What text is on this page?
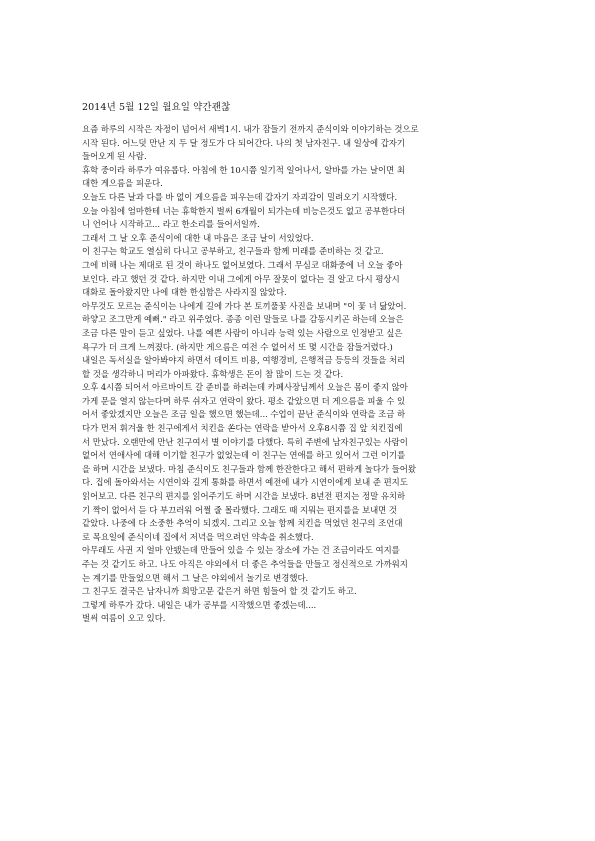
2014년 5월 12일 월요일 약간괜찮
요즘 하루의 시작은 자정이 넘어서 새벽1시. 내가 잠들기 전까지 준식이와 이야기하는 것으로
시작 된다. 어느덧 만난 지 두 달 정도가 다 되어간다. 나의 첫 남자친구. 내 일상에 갑자기
들어오게 된 사람.
휴학 중이라 하루가 여유롭다. 아침에 한 10시쯤 일기적 일어나서, 알바를 가는 날이면 최
대한 게으름을 피운다.
오늘도 다른 날과 다를 바 없이 게으름을 피우는데 갑자기 자괴감이 밀려오기 시작했다.
오늘 아침에 엄마한테 너는 휴학한지 벌써 6개월이 되가는데 비능은것도 없고 공부한다더
니 언어나 시작하고... 라고 한소리를 들어서일까.
그래서 그 날 오후 준식이에 대한 내 마음은 조금 날이 서있었다.
이 친구는 학교도 열심히 다니고 공부하고, 친구들과 함께 미래를 준비하는 것 같고.
그에 비해 나는 제대로 된 것이 하나도 없어보였다. 그래서 무심코 대화중에 너 오늘 좋아
보인다. 라고 했던 것 같다. 하지만 이내 그에게 아무 잘못이 없다는 걸 알고 다시 평상시
대화로 돌아왔지만 나에 대한 한심함은 사라지질 않았다.
아무것도 모르는 준식이는 나에게 길에 가다 본 토끼풀꽃 사진을 보내며 "이 꽃 너 닮았어.
하얗고 조그만게 예뻐." 라고 위주었다. 종종 이런 말들로 나를 감동시키곤 하는데 오늘은
조금 다른 말이 듣고 싶었다. 나를 예쁜 사람이 아니라 능력 있는 사람으로 인정받고 싶은
욕구가 더 크게 느껴졌다. (하지만 게으름은 여전 수 없어서 또 몇 시간을 잠들거렸다.)
내일은 독서실을 알아봐야지 하면서 데이트 비용, 여행경비, 은행적금 등등의 것들을 처리
할 것을 생각하니 머리가 아파왔다. 휴학생은 돈이 참 많이 드는 것 같다.
오후 4시쯤 되어서 아르바이트 갈 준비를 하려는데 카페사장님께서 오늘은 몸이 좋지 않아
가게 문을 열지 않는다며 하루 쉬자고 연락이 왔다. 평소 같았으면 더 게으름을 피울 수 있
어서 좋았겠지만 오늘은 조금 일을 했으면 했는데... 수업이 끝난 준식이와 연락을 조금 하
다가 먼저 휘겨울 한 친구에게서 치킨을 쏜다는 연락을 받아서 오후8시쯤 집 앞 치킨집에
서 만났다. 오랜만에 만난 친구여서 별 이야기를 다했다. 특히 주변에 남자친구있는 사람이
없어서 연애사에 대해 이기할 친구가 없었는데 이 친구는 연애를 하고 있어서 그런 이기를
을 하며 시간을 보냈다. 마침 준식이도 친구들과 함께 한잔한다고 해서 편하게 놀다가 들어왔
다. 집에 돌아와서는 시연이와 길게 통화를 하면서 예전에 내가 시연이에게 보내 준 편지도
읽어보고. 다른 친구의 편지를 읽어주기도 하며 시간을 보냈다. 8년전 편지는 정말 유치하
기 짝이 없어서 듣 다 부끄러워 어쩔 줄 몰라했다. 그래도 때 지뭐는 편지를을 보내면 것
같았다. 나중에 다 소중한 추억이 되겠지. 그리고 오늘 함께 치킨을 먹었던 친구의 조언대
로 목요일에 준식이네 집에서 저녁을 먹으려던 약속을 취소했다.
아무래도 사귄 지 얼마 안됐는데 만들어 있을 수 있는 장소에 가는 건 조금이라도 여지를
주는 것 같기도 하고. 나도 아직은 야외에서 더 좋은 추억들을 만들고 정신적으로 가까워지
는 계기를 만들었으면 해서 그 날은 야외에서 놀기로 변경했다.
그 친구도 결국은 남자니까 희망고문 같은거 하면 힘들어 할 것 같기도 하고.
그렇게 하루가 갔다. 내일은 내가 공부를 시작했으면 좋겠는데....
벌써 여름이 오고 있다.
